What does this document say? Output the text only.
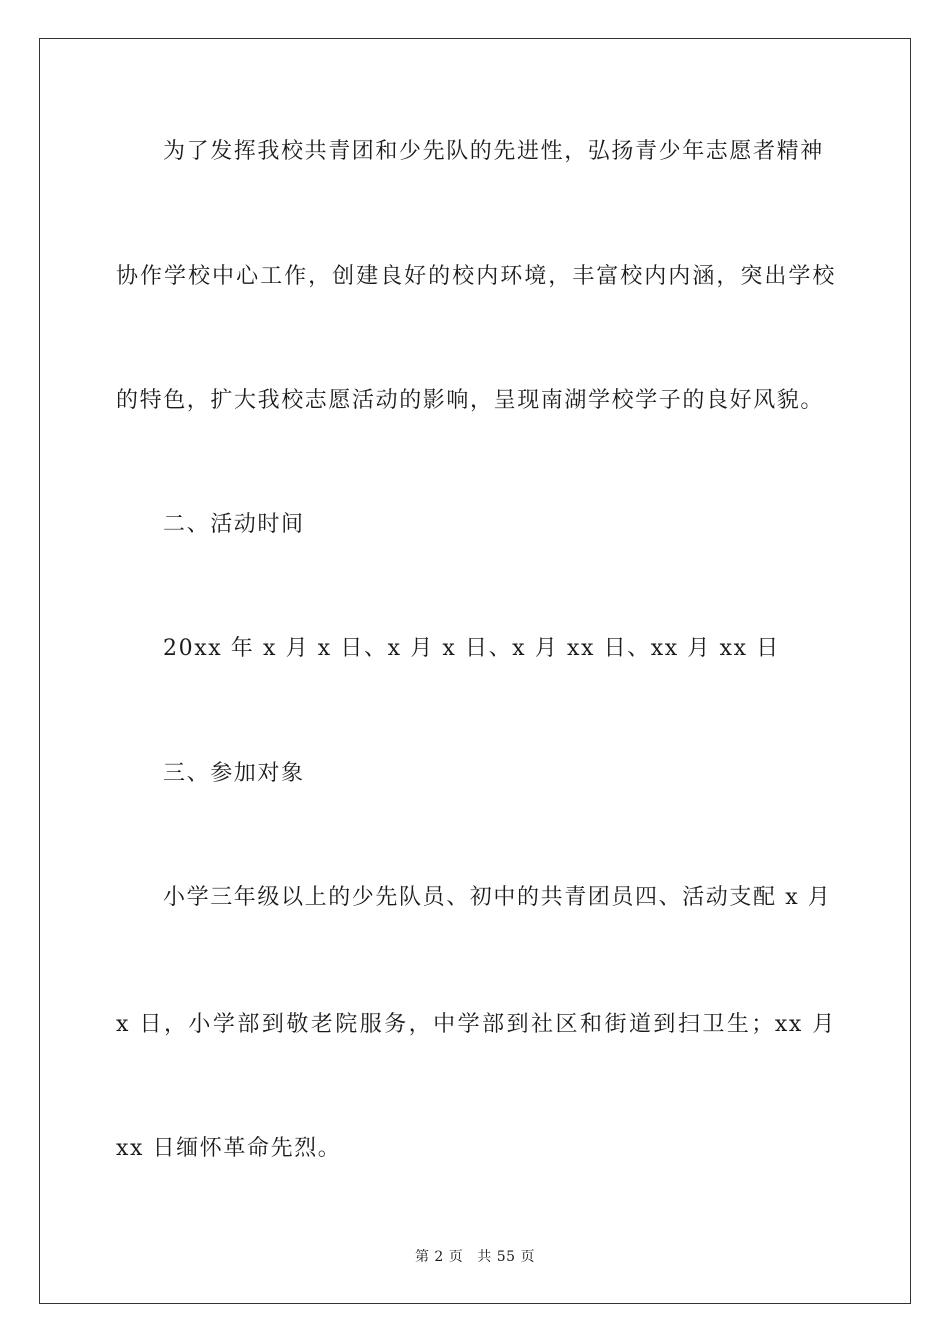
为了发挥我校共青团和少先队的先进性，弘扬青少年志愿者精神
协作学校中心工作，创建良好的校内环境，丰富校内内涵，突出学校
的特色，扩大我校志愿活动的影响，呈现南湖学校学子的良好风貌。
二、活动时间
20xx 年 x 月 x 日、x 月 x 日、x 月 xx 日、xx 月 xx 日
三、参加对象
小学三年级以上的少先队员、初中的共青团员四、活动支配 x 月
x 日，小学部到敬老院服务，中学部到社区和街道到扫卫生；xx 月
xx 日缅怀革命先烈。
第 2 页 共 55 页
